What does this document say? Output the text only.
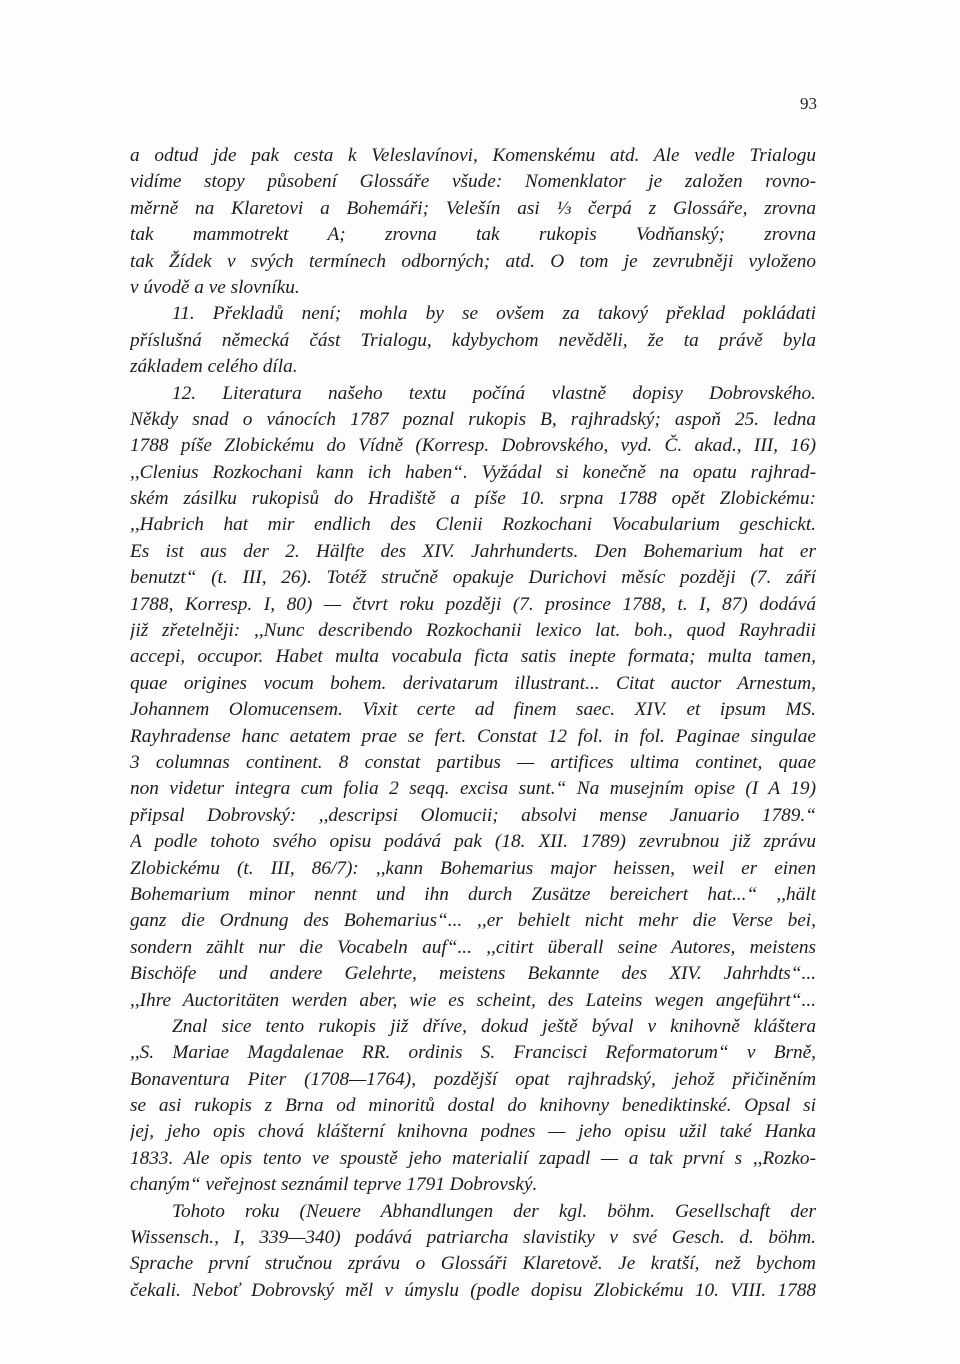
93
a odtud jde pak cesta k Veleslavínovi, Komenskému atd. Ale vedle Trialogu
vidíme stopy působení Glossáře všude: Nomenklator je založen rovno-
měrně na Klaretovi a Bohemáři; Velešín asi ⅓ čerpá z Glossáře, zrovna
tak mammotrekt A; zrovna tak rukopis Vodňanský; zrovna
tak Žídek v svých termínech odborných; atd. O tom je zevrubněji vyloženo
v úvodě a ve slovníku.
11. Překladů není; mohla by se ovšem za takový překlad pokládati
příslušná německá část Trialogu, kdybychom nevěděli, že ta právě byla
základem celého díla.
12. Literatura našeho textu počíná vlastně dopisy Dobrovského.
Někdy snad o vánocích 1787 poznal rukopis B, rajhradský; aspoň 25. ledna
1788 píše Zlobickému do Vídně (Korresp. Dobrovského, vyd. Č. akad., III, 16)
,,Clenius Rozkochani kann ich haben“. Vyžádal si konečně na opatu rajhrad-
ském zásilku rukopisů do Hradiště a píše 10. srpna 1788 opět Zlobickému:
,,Habrich hat mir endlich des Clenii Rozkochani Vocabularium geschickt.
Es ist aus der 2. Hälfte des XIV. Jahrhunderts. Den Bohemarium hat er
benutzt“ (t. III, 26). Totéž stručně opakuje Durichovi měsíc později (7. září
1788, Korresp. I, 80) — čtvrt roku později (7. prosince 1788, t. I, 87) dodává
již zřetelněji: ,,Nunc describendo Rozkochanii lexico lat. boh., quod Rayhradii
accepi, occupor. Habet multa vocabula ficta satis inepte formata; multa tamen,
quae origines vocum bohem. derivatarum illustrant... Citat auctor Arnestum,
Johannem Olomucensem. Vixit certe ad finem saec. XIV. et ipsum MS.
Rayhradense hanc aetatem prae se fert. Constat 12 fol. in fol. Paginae singulae
3 columnas continent. 8 constat partibus — artifices ultima continet, quae
non videtur integra cum folia 2 seqq. excisa sunt.“ Na musejním opise (I A 19)
připsal Dobrovský: ,,descripsi Olomucii; absolvi mense Januario 1789.“
A podle tohoto svého opisu podává pak (18. XII. 1789) zevrubnou již zprávu
Zlobickému (t. III, 86/7): ,,kann Bohemarius major heissen, weil er einen
Bohemarium minor nennt und ihn durch Zusätze bereichert hat...“ ,,hält
ganz die Ordnung des Bohemarius“... ,,er behielt nicht mehr die Verse bei,
sondern zählt nur die Vocabeln auf“... ,,citirt überall seine Autores, meistens
Bischöfe und andere Gelehrte, meistens Bekannte des XIV. Jahrhdts“...
,,Ihre Auctoritäten werden aber, wie es scheint, des Lateins wegen angeführt“...
Znal sice tento rukopis již dříve, dokud ještě býval v knihovně kláštera
,,S. Mariae Magdalenae RR. ordinis S. Francisci Reformatorum“ v Brně,
Bonaventura Piter (1708—1764), pozdější opat rajhradský, jehož přičiněním
se asi rukopis z Brna od minoritů dostal do knihovny benediktinské. Opsal si
jej, jeho opis chová klášterní knihovna podnes — jeho opisu užil také Hanka
1833. Ale opis tento ve spoustě jeho materialií zapadl — a tak první s ,,Rozko-
chaným“ veřejnost seznámil teprve 1791 Dobrovský.
Tohoto roku (Neuere Abhandlungen der kgl. böhm. Gesellschaft der
Wissensch., I, 339—340) podává patriarcha slavistiky v své Gesch. d. böhm.
Sprache první stručnou zprávu o Glossáři Klaretově. Je kratší, než bychom
čekali. Neboť Dobrovský měl v úmyslu (podle dopisu Zlobickému 10. VIII. 1788
